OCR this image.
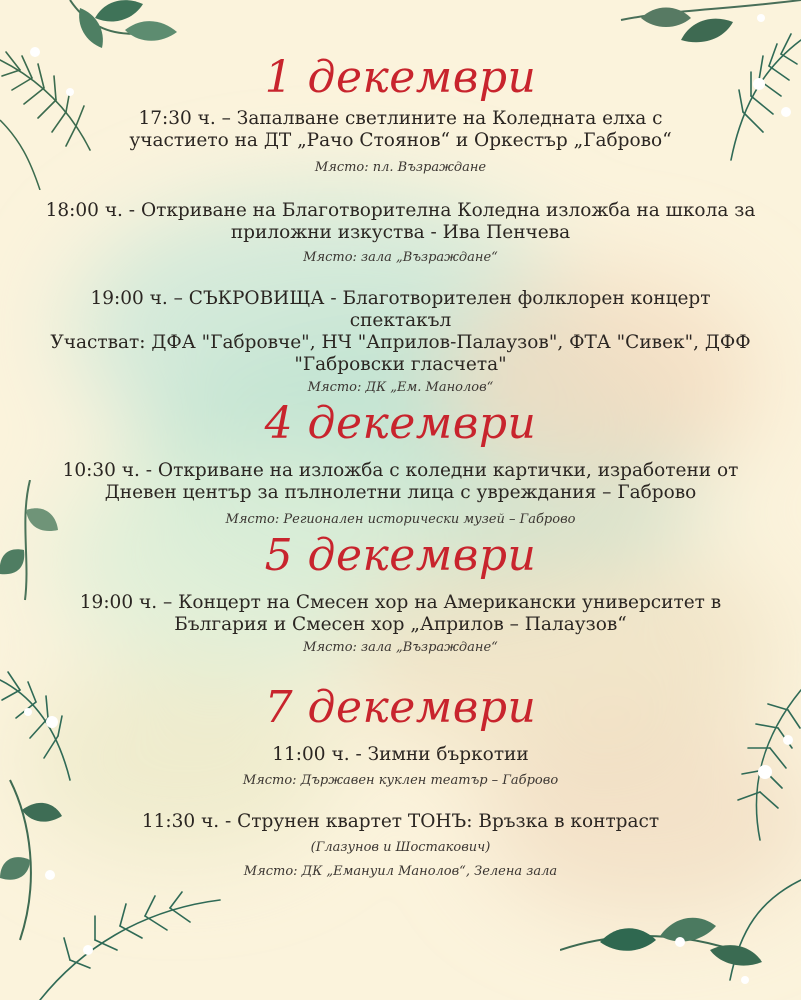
1 декември
17:30 ч. – Запалване светлините на Коледната елха с
участието на ДТ „Рачо Стоянов“ и Оркестър „Габрово“
Място: пл. Възраждане
18:00 ч. - Откриване на Благотворителна Коледна изложба на школа за
приложни изкуства - Ива Пенчева
Място: зала „Възраждане“
19:00 ч. – СЪКРОВИЩА - Благотворителен фолклорен концерт
спектакъл
Участват: ДФА "Габровче", НЧ "Априлов-Палаузов", ФТА "Сивек", ДФФ
"Габровски гласчета"
Място: ДК „Ем. Манолов“
4 декември
10:30 ч. - Откриване на изложба с коледни картички, изработени от
Дневен център за пълнолетни лица с увреждания – Габрово
Място: Регионален исторически музей – Габрово
5 декември
19:00 ч. – Концерт на Смесен хор на Американски университет в
България и Смесен хор „Априлов – Палаузов“
Място: зала „Възраждане“
7 декември
11:00 ч. - Зимни бъркотии
Място: Държавен куклен театър – Габрово
11:30 ч. - Струнен квартет ТОНЪ: Връзка в контраст
(Глазунов и Шостакович)
Място: ДК „Емануил Манолов“, Зелена зала
